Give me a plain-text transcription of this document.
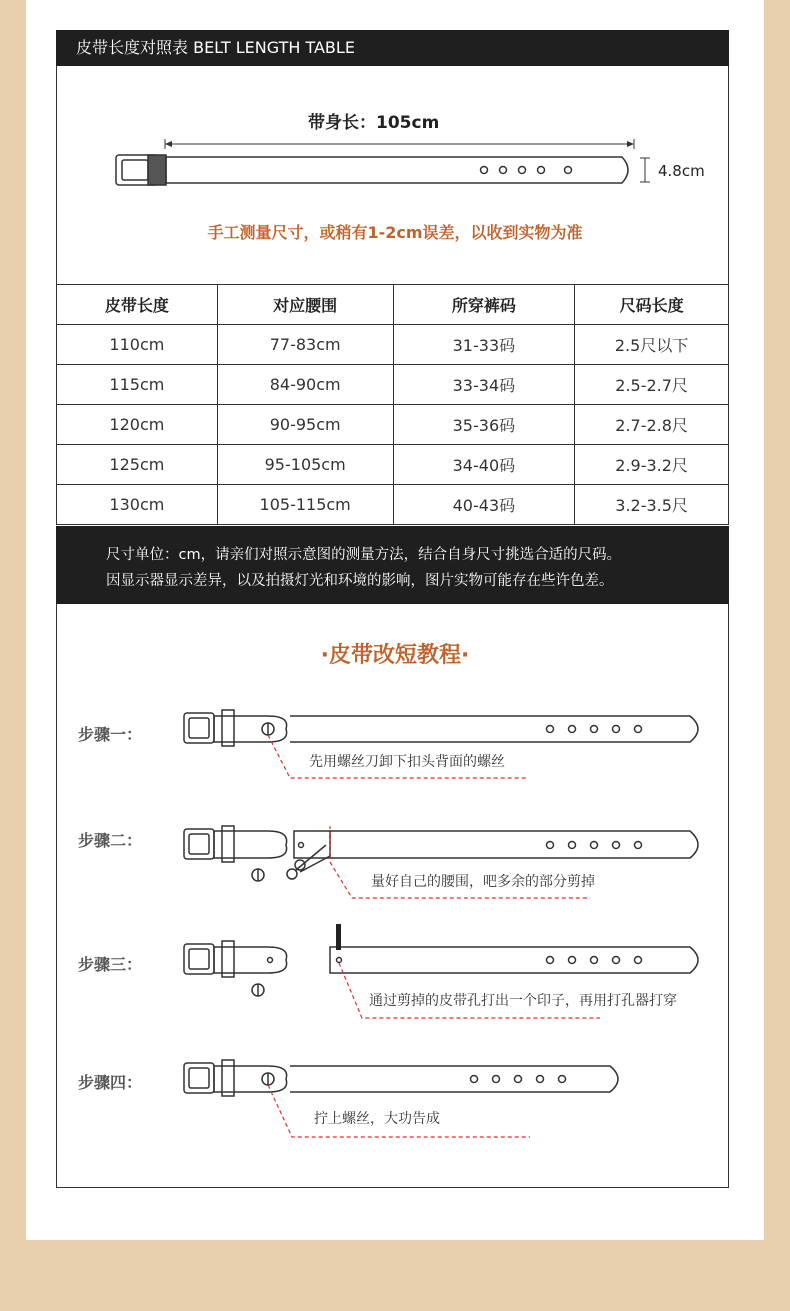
皮带长度对照表 BELT LENGTH TABLE
带身长：105cm
4.8cm
手工测量尺寸，或稍有1-2cm误差，以收到实物为准
皮带长度	对应腰围	所穿裤码	尺码长度
110cm	77-83cm	31-33码	2.5尺以下
115cm	84-90cm	33-34码	2.5-2.7尺
120cm	90-95cm	35-36码	2.7-2.8尺
125cm	95-105cm	34-40码	2.9-3.2尺
130cm	105-115cm	40-43码	3.2-3.5尺
尺寸单位：cm，请亲们对照示意图的测量方法，结合自身尺寸挑选合适的尺码。
因显示器显示差异，以及拍摄灯光和环境的影响，图片实物可能存在些许色差。
·皮带改短教程·
步骤一：
先用螺丝刀卸下扣头背面的螺丝
步骤二：
量好自己的腰围，吧多余的部分剪掉
步骤三：
通过剪掉的皮带孔打出一个印子，再用打孔器打穿
步骤四：
拧上螺丝，大功告成
